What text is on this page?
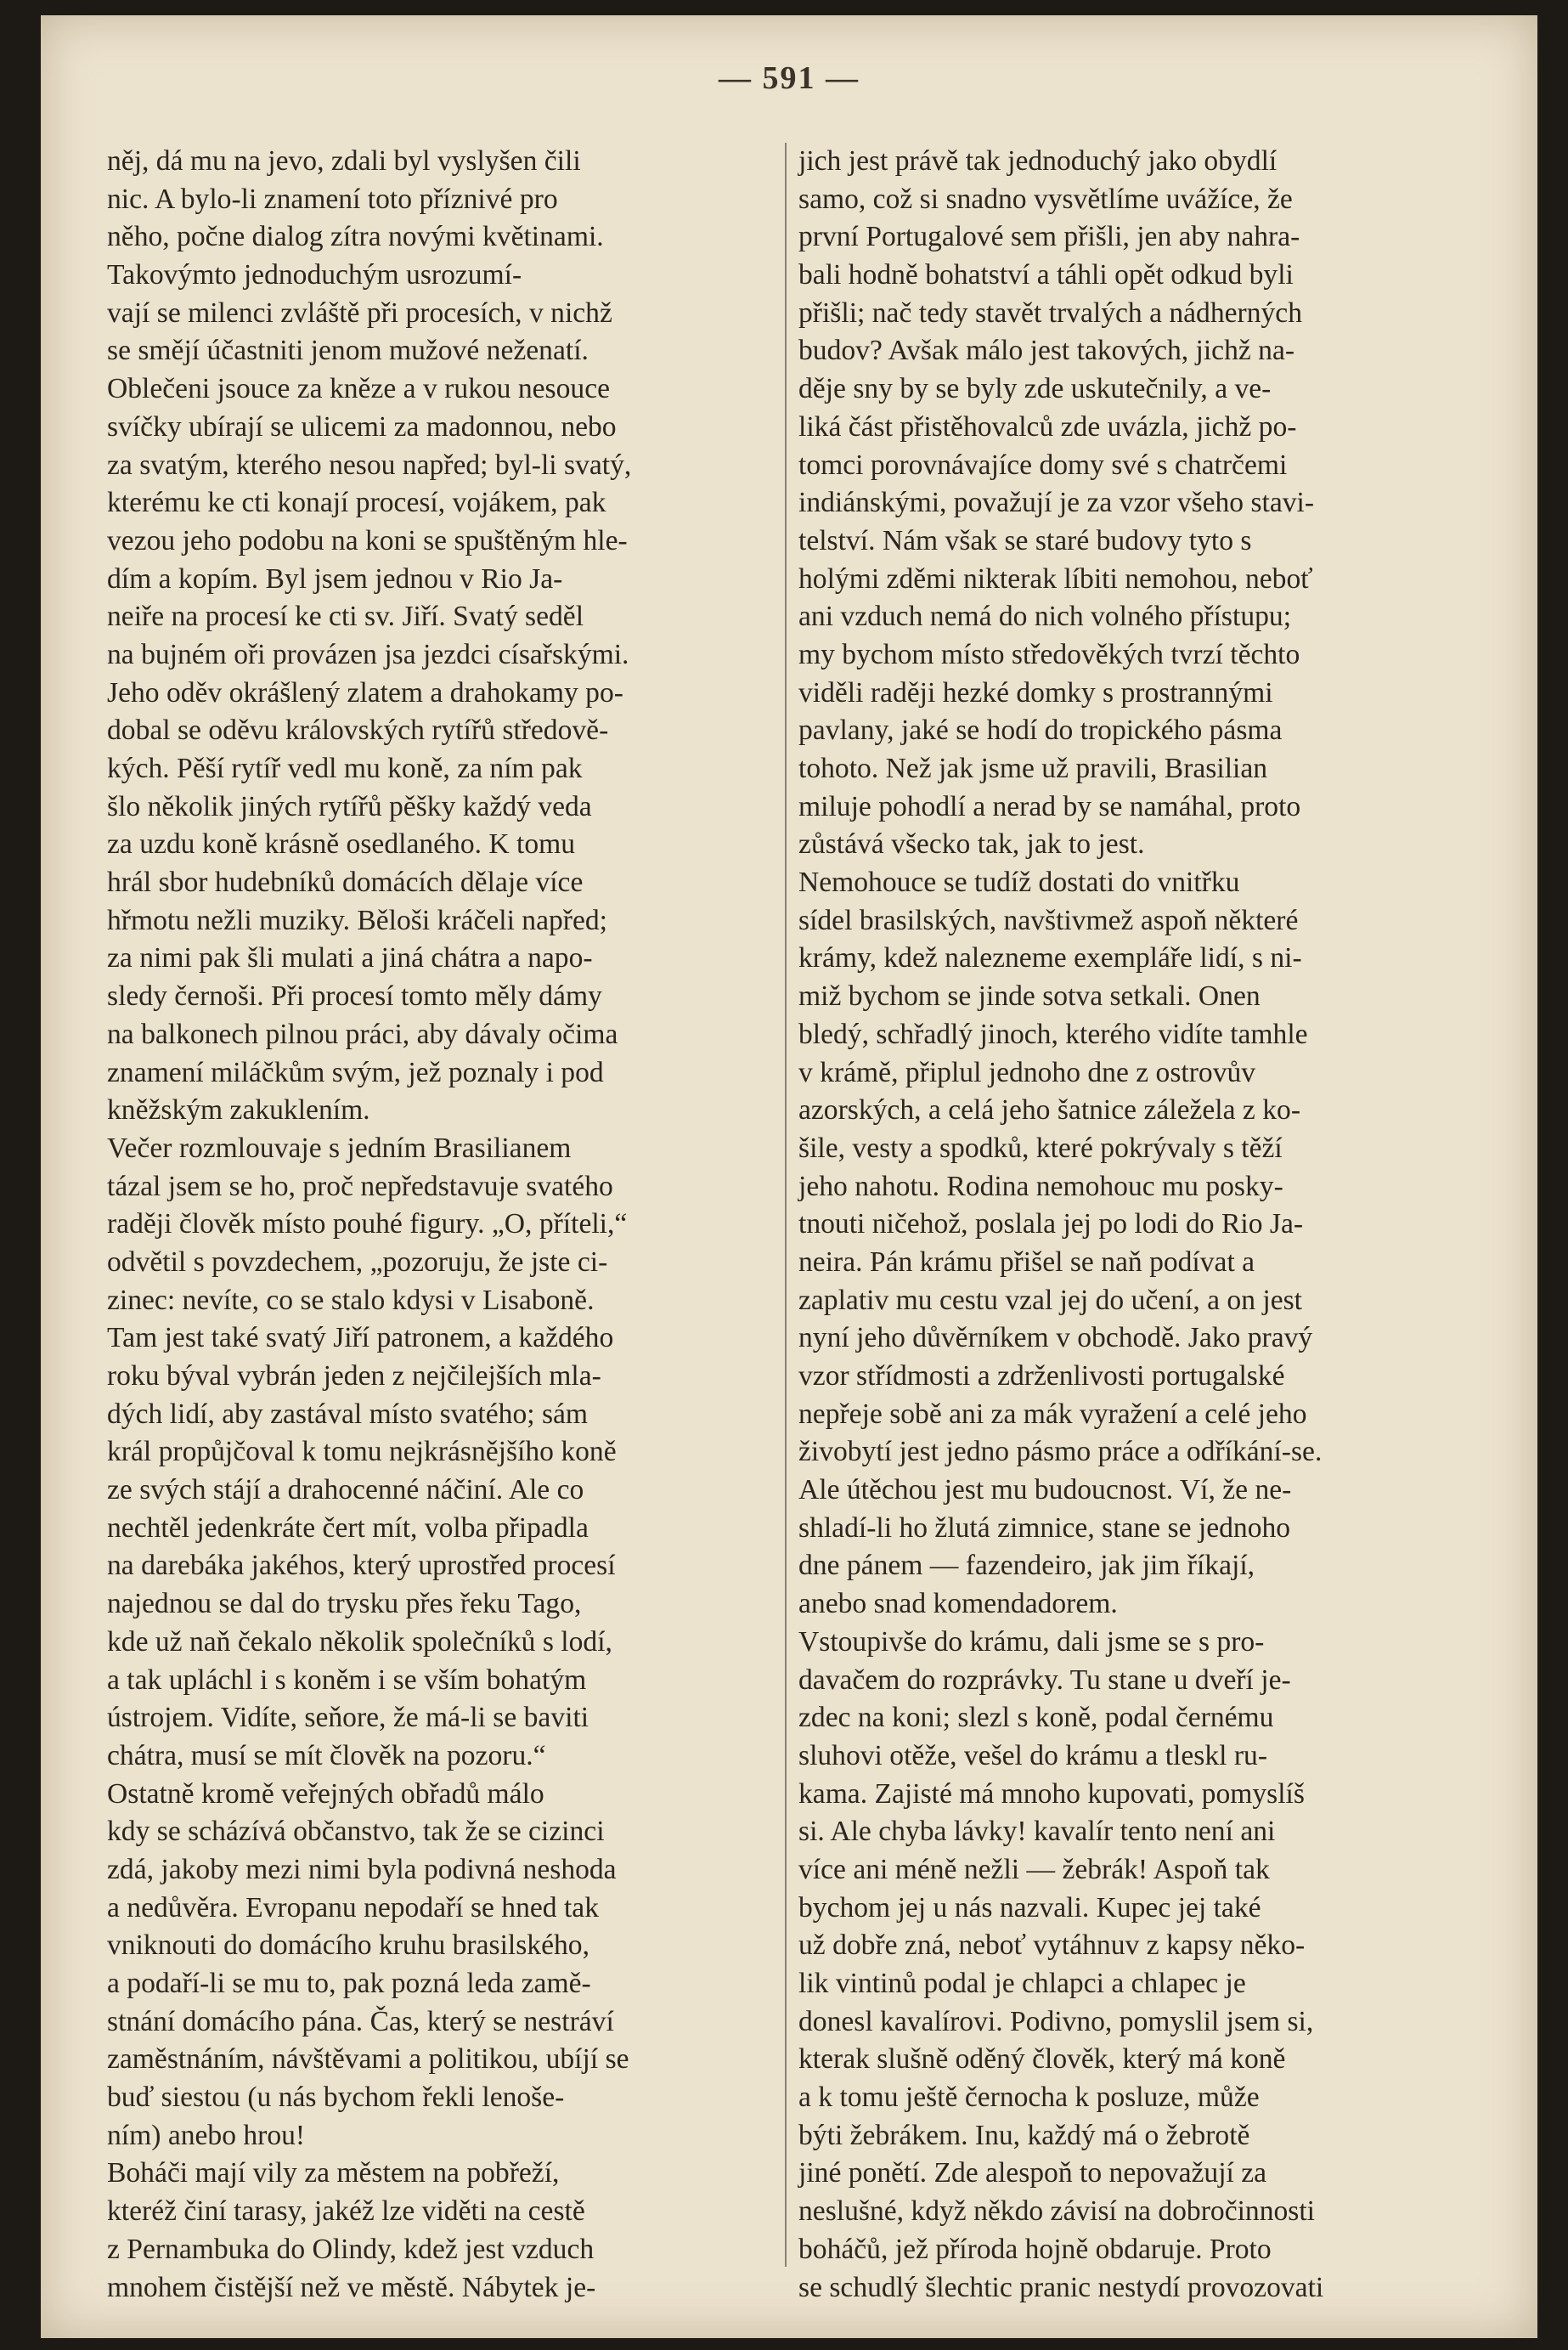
— 591 —
něj, dá mu na jevo, zdali byl vyslyšen čili
nic. A bylo-li znamení toto příznivé pro
něho, počne dialog zítra novými květinami.
Takovýmto jednoduchým usrozumí-
vají se milenci zvláště při procesích, v nichž
se smějí účastniti jenom mužové neženatí.
Oblečeni jsouce za kněze a v rukou nesouce
svíčky ubírají se ulicemi za madonnou, nebo
za svatým, kterého nesou napřed; byl-li svatý,
kterému ke cti konají procesí, vojákem, pak
vezou jeho podobu na koni se spuštěným hle-
dím a kopím. Byl jsem jednou v Rio Ja-
neiře na procesí ke cti sv. Jiří. Svatý seděl
na bujném oři provázen jsa jezdci císařskými.
Jeho oděv okrášlený zlatem a drahokamy po-
dobal se oděvu královských rytířů středově-
kých. Pěší rytíř vedl mu koně, za ním pak
šlo několik jiných rytířů pěšky každý veda
za uzdu koně krásně osedlaného. K tomu
hrál sbor hudebníků domácích dělaje více
hřmotu nežli muziky. Běloši kráčeli napřed;
za nimi pak šli mulati a jiná chátra a napo-
sledy černoši. Při procesí tomto měly dámy
na balkonech pilnou práci, aby dávaly očima
znamení miláčkům svým, jež poznaly i pod
kněžským zakuklením.
Večer rozmlouvaje s jedním Brasilianem
tázal jsem se ho, proč nepředstavuje svatého
raději člověk místo pouhé figury. „O, příteli,“
odvětil s povzdechem, „pozoruju, že jste ci-
zinec: nevíte, co se stalo kdysi v Lisaboně.
Tam jest také svatý Jiří patronem, a každého
roku býval vybrán jeden z nejčilejších mla-
dých lidí, aby zastával místo svatého; sám
král propůjčoval k tomu nejkrásnějšího koně
ze svých stájí a drahocenné náčiní. Ale co
nechtěl jedenkráte čert mít, volba připadla
na darebáka jakéhos, který uprostřed procesí
najednou se dal do trysku přes řeku Tago,
kde už naň čekalo několik společníků s lodí,
a tak upláchl i s koněm i se vším bohatým
ústrojem. Vidíte, seňore, že má-li se baviti
chátra, musí se mít člověk na pozoru.“
Ostatně kromě veřejných obřadů málo
kdy se scházívá občanstvo, tak že se cizinci
zdá, jakoby mezi nimi byla podivná neshoda
a nedůvěra. Evropanu nepodaří se hned tak
vniknouti do domácího kruhu brasilského,
a podaří-li se mu to, pak pozná leda zamě-
stnání domácího pána. Čas, který se nestráví
zaměstnáním, návštěvami a politikou, ubíjí se
buď siestou (u nás bychom řekli lenoše-
ním) anebo hrou!
Boháči mají vily za městem na pobřeží,
kteréž činí tarasy, jakéž lze viděti na cestě
z Pernambuka do Olindy, kdež jest vzduch
mnohem čistější než ve městě. Nábytek je-
jich jest právě tak jednoduchý jako obydlí
samo, což si snadno vysvětlíme uvážíce, že
první Portugalové sem přišli, jen aby nahra-
bali hodně bohatství a táhli opět odkud byli
přišli; nač tedy stavět trvalých a nádherných
budov? Avšak málo jest takových, jichž na-
děje sny by se byly zde uskutečnily, a ve-
liká část přistěhovalců zde uvázla, jichž po-
tomci porovnávajíce domy své s chatrčemi
indiánskými, považují je za vzor všeho stavi-
telství. Nám však se staré budovy tyto s
holými zděmi nikterak líbiti nemohou, neboť
ani vzduch nemá do nich volného přístupu;
my bychom místo středověkých tvrzí těchto
viděli raději hezké domky s prostrannými
pavlany, jaké se hodí do tropického pásma
tohoto. Než jak jsme už pravili, Brasilian
miluje pohodlí a nerad by se namáhal, proto
zůstává všecko tak, jak to jest.
Nemohouce se tudíž dostati do vnitřku
sídel brasilských, navštivmež aspoň některé
krámy, kdež nalezneme exempláře lidí, s ni-
miž bychom se jinde sotva setkali. Onen
bledý, schřadlý jinoch, kterého vidíte tamhle
v krámě, připlul jednoho dne z ostrovův
azorských, a celá jeho šatnice záležela z ko-
šile, vesty a spodků, které pokrývaly s těží
jeho nahotu. Rodina nemohouc mu posky-
tnouti ničehož, poslala jej po lodi do Rio Ja-
neira. Pán krámu přišel se naň podívat a
zaplativ mu cestu vzal jej do učení, a on jest
nyní jeho důvěrníkem v obchodě. Jako pravý
vzor střídmosti a zdrženlivosti portugalské
nepřeje sobě ani za mák vyražení a celé jeho
živobytí jest jedno pásmo práce a odříkání-se.
Ale útěchou jest mu budoucnost. Ví, že ne-
shladí-li ho žlutá zimnice, stane se jednoho
dne pánem — fazendeiro, jak jim říkají,
anebo snad komendadorem.
Vstoupivše do krámu, dali jsme se s pro-
davačem do rozprávky. Tu stane u dveří je-
zdec na koni; slezl s koně, podal černému
sluhovi otěže, vešel do krámu a tleskl ru-
kama. Zajisté má mnoho kupovati, pomyslíš
si. Ale chyba lávky! kavalír tento není ani
více ani méně nežli — žebrák! Aspoň tak
bychom jej u nás nazvali. Kupec jej také
už dobře zná, neboť vytáhnuv z kapsy něko-
lik vintinů podal je chlapci a chlapec je
donesl kavalírovi. Podivno, pomyslil jsem si,
kterak slušně oděný člověk, který má koně
a k tomu ještě černocha k posluze, může
býti žebrákem. Inu, každý má o žebrotě
jiné ponětí. Zde alespoň to nepovažují za
neslušné, když někdo závisí na dobročinnosti
boháčů, jež příroda hojně obdaruje. Proto
se schudlý šlechtic pranic nestydí provozovati
